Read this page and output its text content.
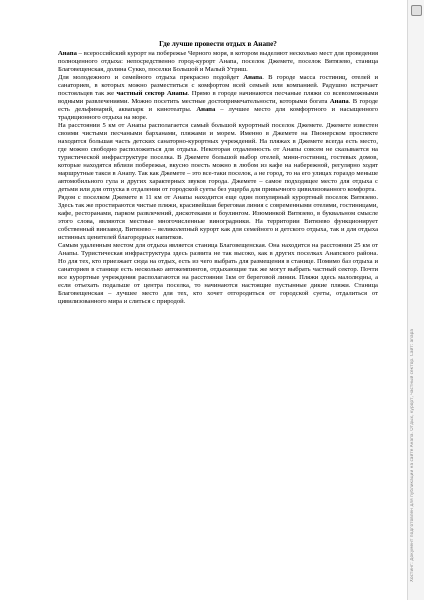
Где лучше провести отдых в Анапе?

Анапа – всероссийский курорт на побережье Черного моря, в котором выделяют несколько мест для проведения полноценного отдыха: непосредственно город-курорт Анапа, поселок Джемете, поселок Витязево, станица Благовещенская, долина Сукко, поселки Большой и Малый Утриш.

Для молодежного и семейного отдыха прекрасно подойдет Анапа. В городе масса гостиниц, отелей и санаториев, в которых можно разместиться с комфортом всей семьей или компанией. Радушно встречает постояльцев так же частный сектор Анапы. Прямо в городе начинаются песчаные пляжи со всевозможными водными развлечениями. Можно посетить местные достопримечательности, которыми богата Анапа. В городе есть дельфинарий, аквапарк и кинотеатры. Анапа – лучшее место для комфортного и насыщенного традиционного отдыха на море.

На расстоянии 5 км от Анапы располагается самый большой курортный поселок Джемете. Джемете известен своими чистыми песчаными барханами, пляжами и морем. Именно в Джемете на Пионерском проспекте находится большая часть детских санаторно-курортных учреждений. На пляжах в Джемете всегда есть место, где можно свободно расположиться для отдыха. Некоторая отдаленность от Анапы совсем не сказывается на туристической инфраструктуре поселка. В Джемете большой выбор отелей, мини-гостиниц, гостевых домов, которые находятся вблизи побережья, вкусно поесть можно в любом из кафе на набережной, регулярно ходят маршрутные такси в Анапу. Так как Джемете – это все-таки поселок, а не город, то на его улицах гораздо меньше автомобильного гула и других характерных звуков города. Джемете – самое подходящее место для отдыха с детьми или для отпуска в отдалении от городской суеты без ущерба для привычного цивилизованного комфорта.

Рядом с поселком Джемете в 11 км от Анапы находится еще один популярный курортный поселок Витязево. Здесь так же простираются чистые пляжи, красивейшая береговая линия с современными отелями, гостиницами, кафе, ресторанами, парком развлечений, дискотеками и боулингом. Изюминкой Витязево, в буквальном смысле этого слова, являются местные многочисленные виноградники. На территории Витязево функционирует собственный винзавод. Витязево – великолепный курорт как для семейного и детского отдыха, так и для отдыха истинных ценителей благородных напитков.

Самым удаленным местом для отдыха является станица Благовещенская. Она находится на расстоянии 25 км от Анапы. Туристическая инфраструктура здесь развита не так высоко, как в других поселках Анапского района. Но для тех, кто приезжает сюда на отдых, есть из чего выбрать для размещения в станице. Помимо баз отдыха и санаториев в станице есть несколько автокемпингов, отдыхающие так же могут выбрать частный сектор. Почти все курортные учреждения располагаются на расстоянии 1км от береговой линии. Пляжи здесь малолюдны, а если отъехать подальше от центра поселка, то начинаются настоящие пустынные дикие пляжи. Станица Благовещенская – лучшее место для тех, кто хочет отгородиться от городской суеты, отдалиться от цивилизованного мира и слиться с природой.

Хостинг: Документ подготовлен для публикации на сайте Анапа. Отдых, курорт, частный сектор. Сайт: anapa
